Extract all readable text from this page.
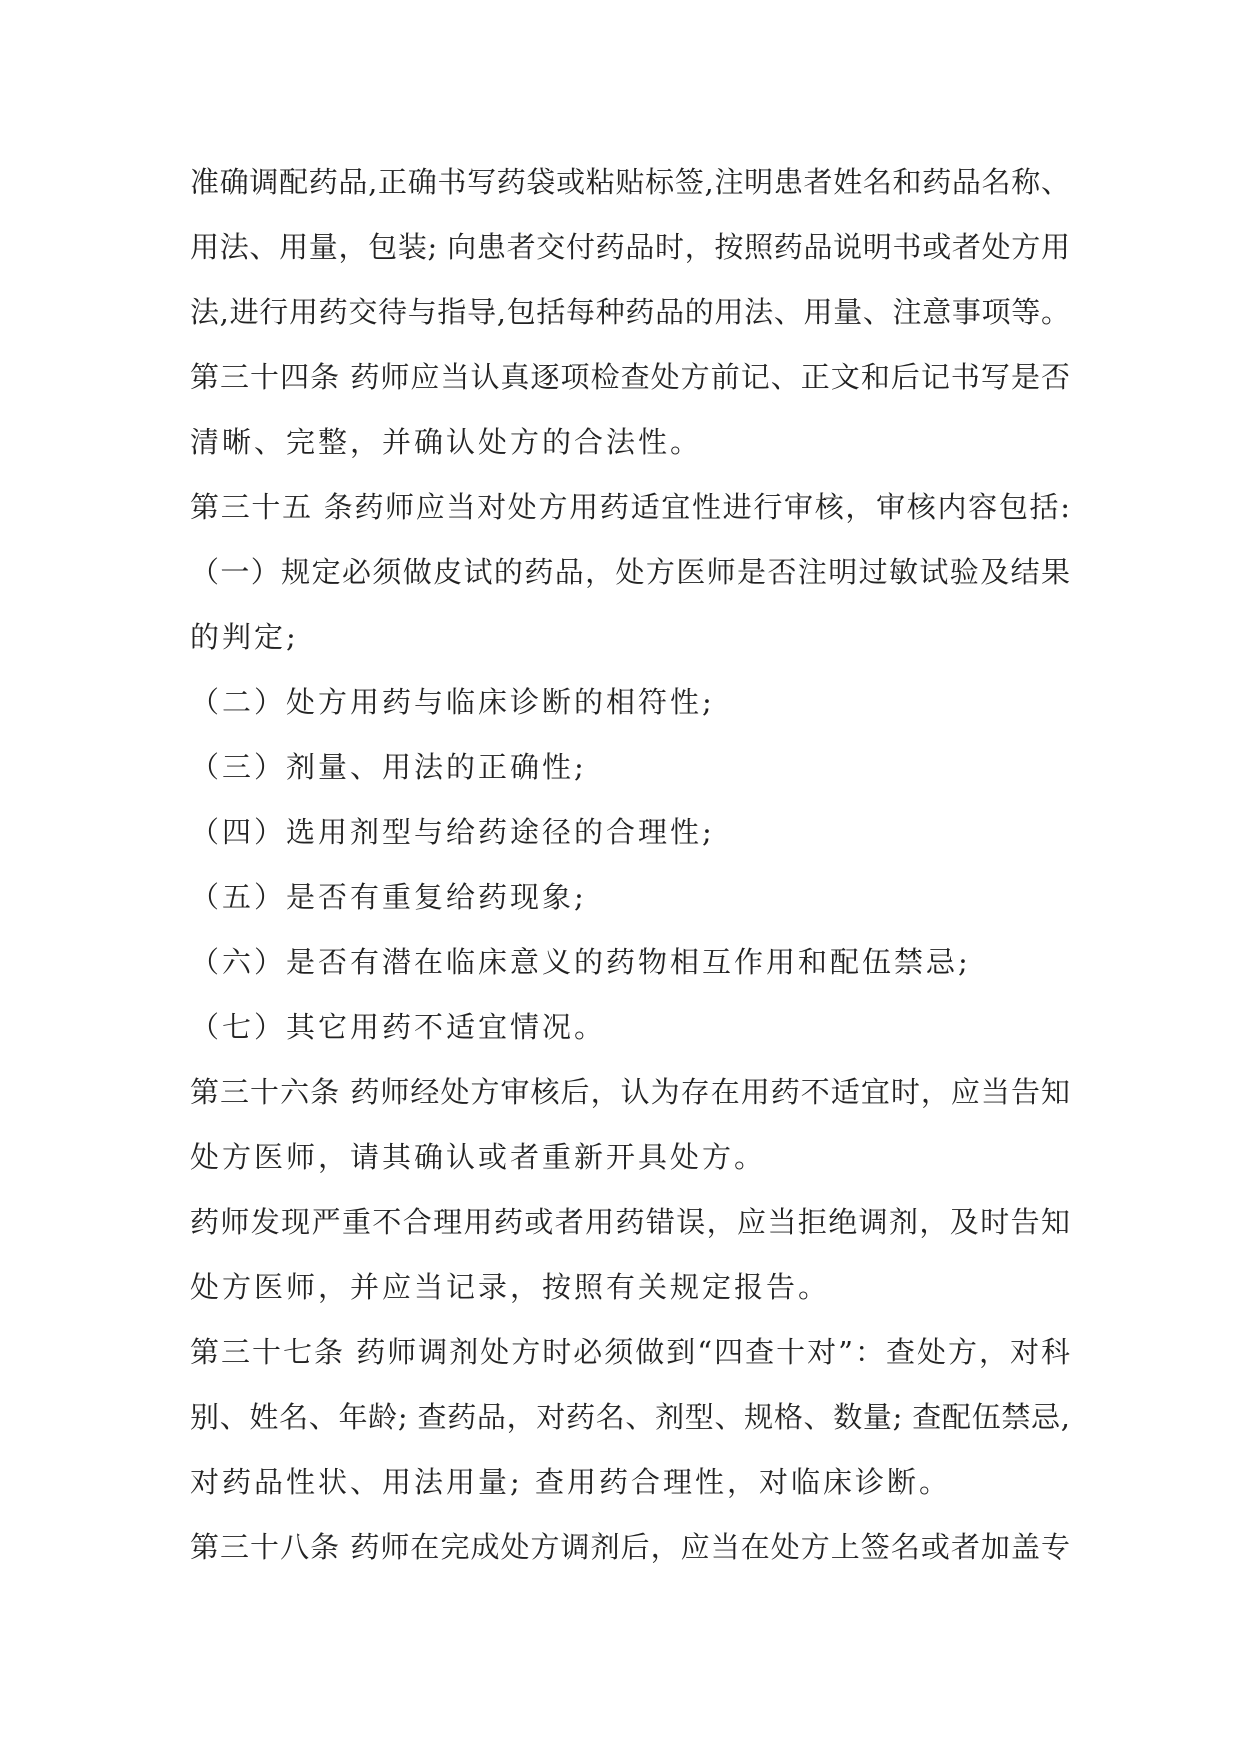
准确调配药品,正确书写药袋或粘贴标签,注明患者姓名和药品名称、
用法、用量，包装; 向患者交付药品时，按照药品说明书或者处方用
法,进行用药交待与指导,包括每种药品的用法、用量、注意事项等。
第三十四条 药师应当认真逐项检查处方前记、正文和后记书写是否
清晰、完整，并确认处方的合法性。
第三十五 条药师应当对处方用药适宜性进行审核，审核内容包括:
（一）规定必须做皮试的药品，处方医师是否注明过敏试验及结果
的判定;
（二）处方用药与临床诊断的相符性;
（三）剂量、用法的正确性;
（四）选用剂型与给药途径的合理性;
（五）是否有重复给药现象;
（六）是否有潜在临床意义的药物相互作用和配伍禁忌;
（七）其它用药不适宜情况。
第三十六条 药师经处方审核后，认为存在用药不适宜时，应当告知
处方医师，请其确认或者重新开具处方。
药师发现严重不合理用药或者用药错误，应当拒绝调剂，及时告知
处方医师，并应当记录，按照有关规定报告。
第三十七条 药师调剂处方时必须做到“四查十对”：查处方，对科
别、姓名、年龄; 查药品，对药名、剂型、规格、数量; 查配伍禁忌,
对药品性状、用法用量; 查用药合理性，对临床诊断。
第三十八条 药师在完成处方调剂后，应当在处方上签名或者加盖专
